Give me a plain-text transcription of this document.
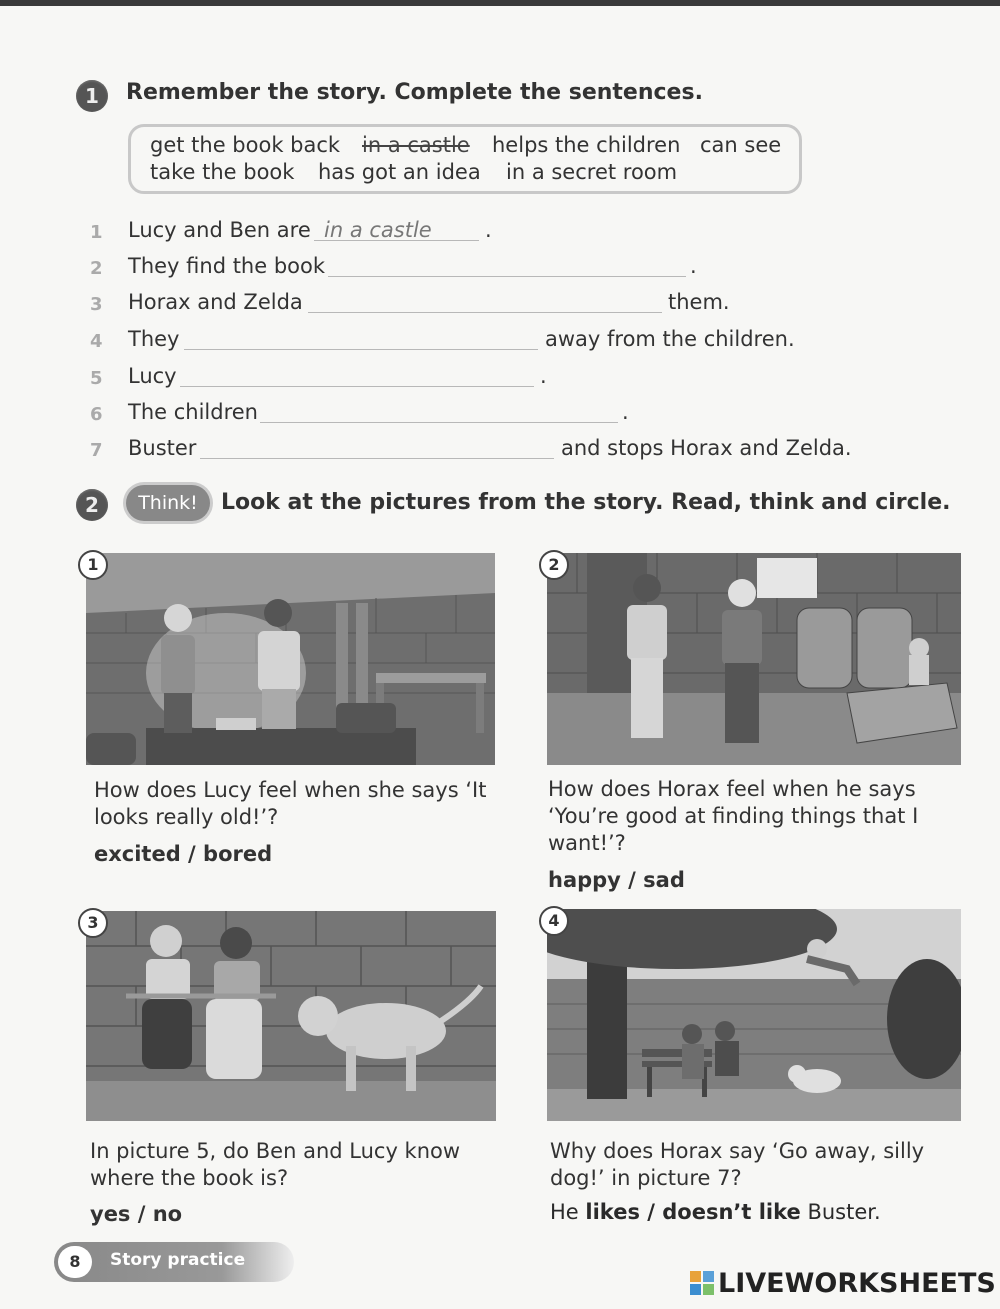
1	Remember the story. Complete the sentences.
get the book back in a castle helps the children can see
take the book has got an idea in a secret room
1 Lucy and Ben are in a castle	.
2 They find the book	.
3 Horax and Zelda	them.
4 They	away from the children.
5 Lucy	.
6 The children	.
7 Buster	and stops Horax and Zelda.
2	Think!	Look at the pictures from the story. Read, think and circle.
1	2
How does Lucy feel when she says ‘It looks really old!’?
excited / bored
How does Horax feel when he says ‘You’re good at finding things that I want!’?
happy / sad
3	4
In picture 5, do Ben and Lucy know where the book is?
yes / no
Why does Horax say ‘Go away, silly dog!’ in picture 7?
He likes / doesn’t like Buster.
8	Story practice
LIVEWORKSHEETS
